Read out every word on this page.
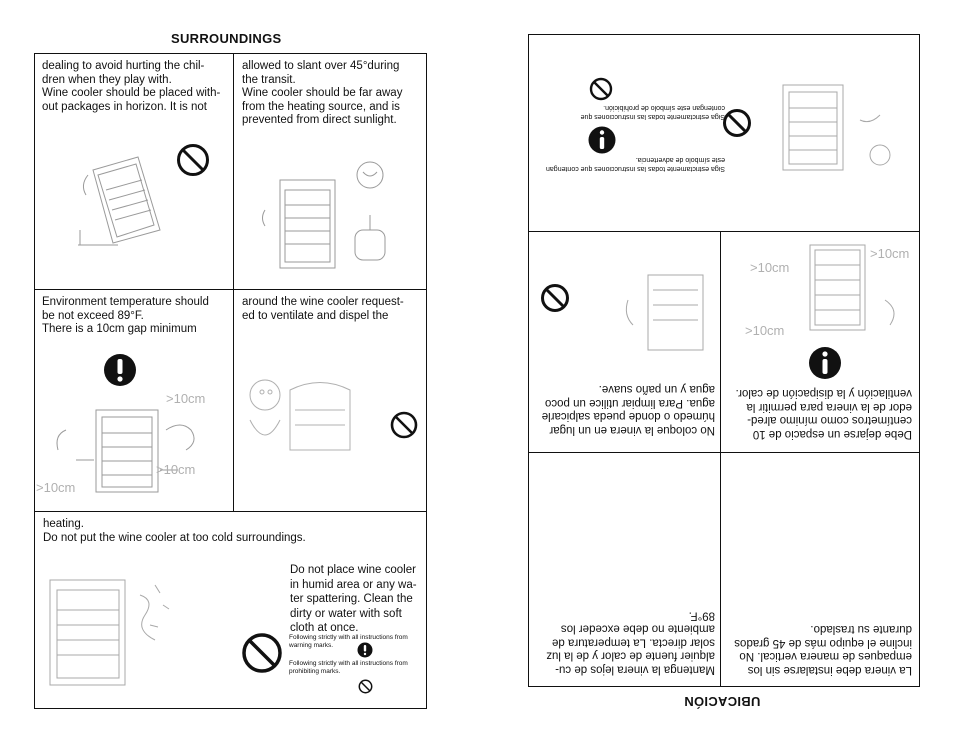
SURROUNDINGS
dealing to avoid hurting the chil-
dren when they play with.
Wine cooler should be placed with-
out packages in horizon. It is not
allowed to slant over 45°during
the transit.
Wine cooler should be far away
from the heating source, and is
prevented from direct sunlight.
Environment temperature should
be not exceed 89°F.
There is a 10cm gap minimum
>10cm
>10cm
>10cm
around the wine cooler request-
ed to ventilate and dispel the
heating.
Do not put the wine cooler at too cold surroundings.
Do not place wine cooler
in humid area or any wa-
ter spattering. Clean the
dirty or water with soft
cloth at once.
Following strictly with all instructions from warning marks.
Following strictly with all instructions from prohibiting marks.
UBICACIÓN
Siga estrictamente todas las instrucciones que contengan este símbolo de prohibición.
Siga estrictamente todas las instrucciones que contengan este símbolo de advertencia.
No coloque la vinera en un lugar
húmedo o donde pueda salpicarle
agua. Para limpiar utilice un poco
agua y un paño suave.
>10cm
>10cm
>10cm
Debe dejarse un espacio de 10
centímetros como mínimo alred-
edor de la vinera para permitir la
ventilación y la disipación de calor.
Mantenga la vinera lejos de cu-
alquier fuente de calor y de la luz
solar directa. La temperatura de
ambiente no debe exceder los
89°F.
La vinera debe instalarse sin los
empaques de manera vertical. No
incline el equipo más de 45 grados
durante su traslado.
